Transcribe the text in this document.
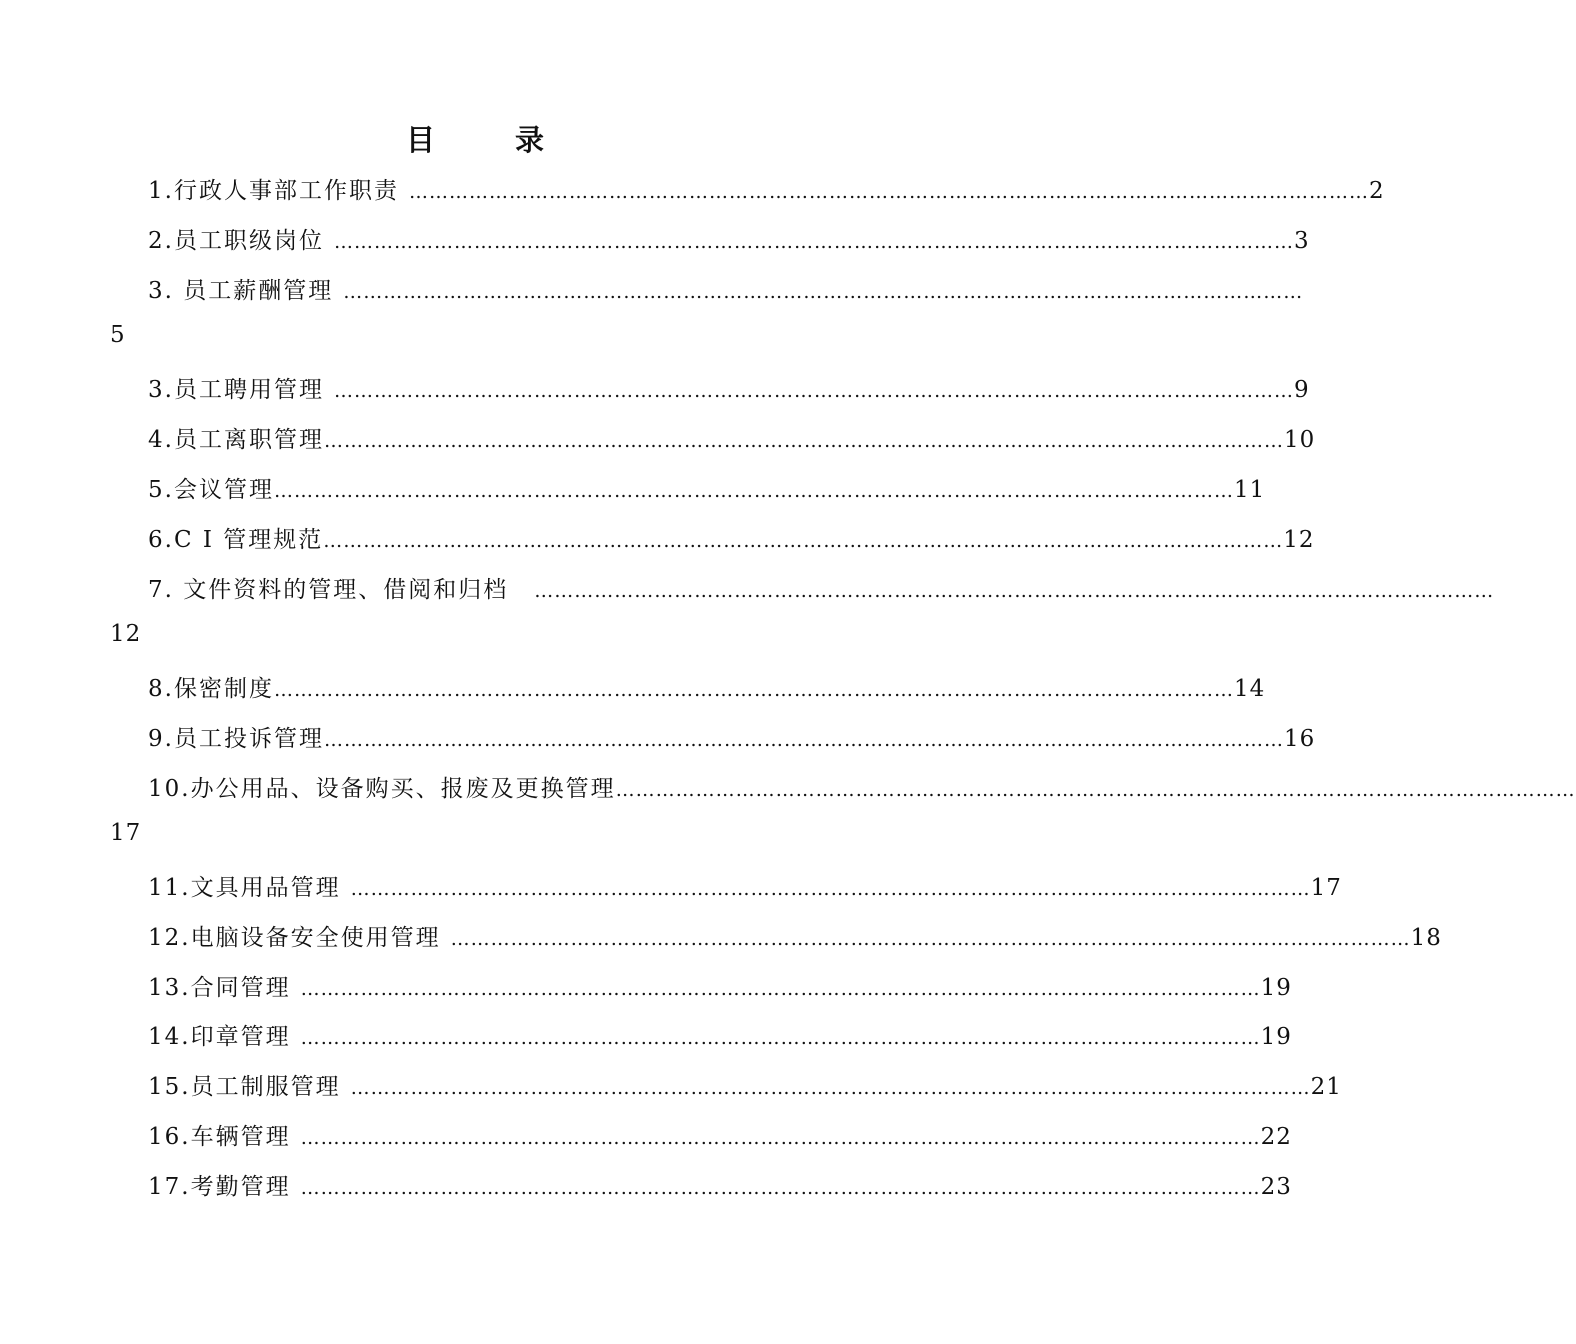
目	录
1.行政人事部工作职责 ……………………………………………………………………………………………………………………………… 2
2.员工职级岗位 ……………………………………………………………………………………………………………………………… 3
3. 员工薪酬管理 ………………………………………………………………………………………………………………………………
5
3.员工聘用管理 ……………………………………………………………………………………………………………………………… 9
4.员工离职管理 ……………………………………………………………………………………………………………………………… 10
5.会议管理 ……………………………………………………………………………………………………………………………… 11
6.C I 管理规范 ……………………………………………………………………………………………………………………………… 12
7. 文件资料的管理、借阅和归档 ………………………………………………………………………………………………………………………………
12
8.保密制度 ……………………………………………………………………………………………………………………………… 14
9.员工投诉管理 ……………………………………………………………………………………………………………………………… 16
10.办公用品、设备购买、报废及更换管理 ………………………………………………………………………………………………………………………………
17
11.文具用品管理 ……………………………………………………………………………………………………………………………… 17
12.电脑设备安全使用管理 ……………………………………………………………………………………………………………………………… 18
13.合同管理 ……………………………………………………………………………………………………………………………… 19
14.印章管理 ……………………………………………………………………………………………………………………………… 19
15.员工制服管理 ……………………………………………………………………………………………………………………………… 21
16.车辆管理 ……………………………………………………………………………………………………………………………… 22
17.考勤管理 ……………………………………………………………………………………………………………………………… 23
